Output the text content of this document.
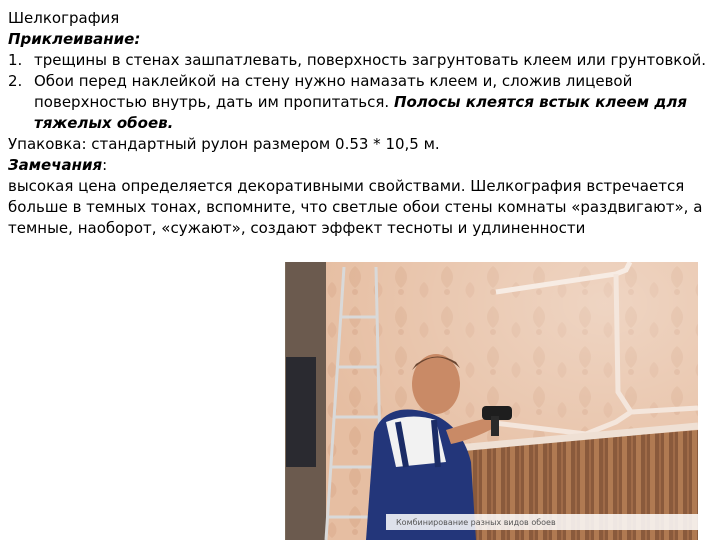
Шелкография

Приклеивание:

1. трещины в стенах зашпатлевать, поверхность загрунтовать клеем или грунтовкой.
2. Обои перед наклейкой на стену нужно намазать клеем и, сложив лицевой поверхностью внутрь, дать им пропитаться. Полосы клеятся встык клеем для тяжелых обоев.

Упаковка: стандартный рулон размером 0.53 * 10,5 м.

Замечания:

высокая цена определяется декоративными свойствами. Шелкография встречается больше в темных тонах, вспомните, что светлые обои стены комнаты «раздвигают», а темные, наоборот, «сужают», создают эффект тесноты и удлиненности

Комбинирование разных видов обоев
